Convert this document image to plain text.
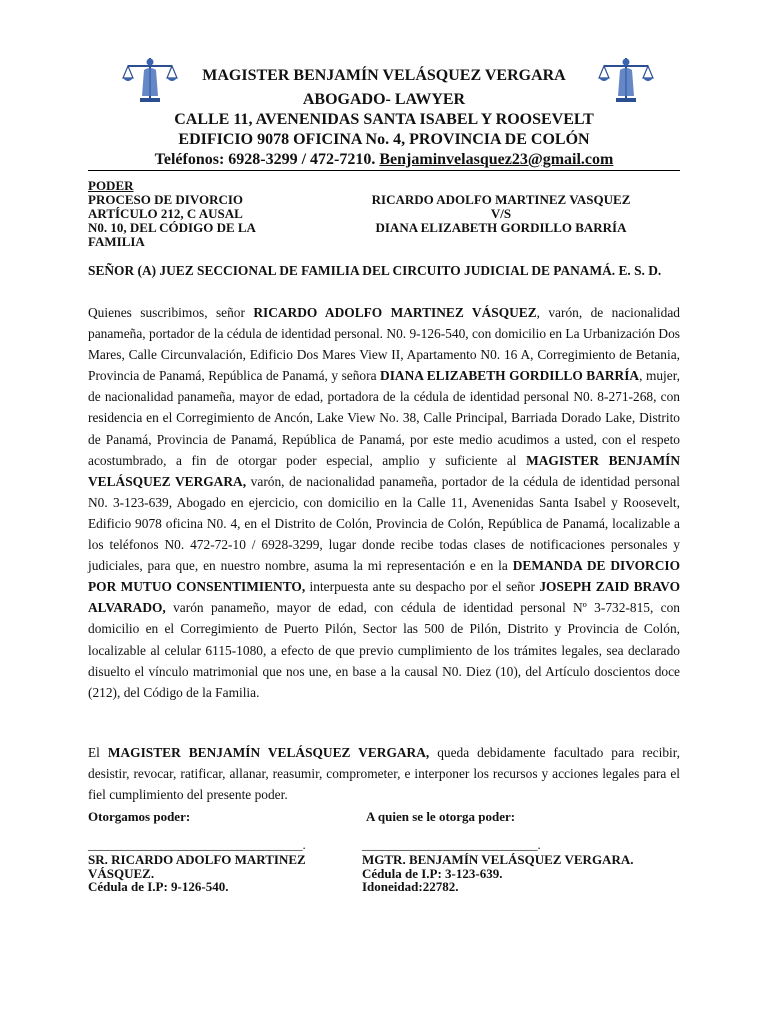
MAGISTER BENJAMÍN VELÁSQUEZ VERGARA
ABOGADO- LAWYER
CALLE 11, AVENENIDAS SANTA ISABEL Y ROOSEVELT
EDIFICIO 9078 OFICINA No. 4, PROVINCIA DE COLÓN
Teléfonos: 6928-3299 / 472-7210. Benjaminvelasquez23@gmail.com
PODER
PROCESO DE DIVORCIO
ARTÍCULO 212, C AUSAL
N0. 10, DEL CÓDIGO DE LA
FAMILIA
RICARDO ADOLFO MARTINEZ VASQUEZ
V/S
DIANA ELIZABETH GORDILLO BARRÍA
SEÑOR (A) JUEZ SECCIONAL DE FAMILIA DEL CIRCUITO JUDICIAL DE PANAMÁ. E. S. D.
Quienes suscribimos, señor RICARDO ADOLFO MARTINEZ VÁSQUEZ, varón, de nacionalidad panameña, portador de la cédula de identidad personal. N0. 9-126-540, con domicilio en La Urbanización Dos Mares, Calle Circunvalación, Edificio Dos Mares View II, Apartamento N0. 16 A, Corregimiento de Betania, Provincia de Panamá, República de Panamá, y señora DIANA ELIZABETH GORDILLO BARRÍA, mujer, de nacionalidad panameña, mayor de edad, portadora de la cédula de identidad personal N0. 8-271-268, con residencia en el Corregimiento de Ancón, Lake View No. 38, Calle Principal, Barriada Dorado Lake, Distrito de Panamá, Provincia de Panamá, República de Panamá, por este medio acudimos a usted, con el respeto acostumbrado, a fin de otorgar poder especial, amplio y suficiente al MAGISTER BENJAMÍN VELÁSQUEZ VERGARA, varón, de nacionalidad panameña, portador de la cédula de identidad personal N0. 3-123-639, Abogado en ejercicio, con domicilio en la Calle 11, Avenenidas Santa Isabel y Roosevelt, Edificio 9078 oficina N0. 4, en el Distrito de Colón, Provincia de Colón, República de Panamá, localizable a los teléfonos N0. 472-72-10 / 6928-3299, lugar donde recibe todas clases de notificaciones personales y judiciales, para que, en nuestro nombre, asuma la mi representación e en la DEMANDA DE DIVORCIO POR MUTUO CONSENTIMIENTO, interpuesta ante su despacho por el señor JOSEPH ZAID BRAVO ALVARADO, varón panameño, mayor de edad, con cédula de identidad personal Nº 3-732-815, con domicilio en el Corregimiento de Puerto Pilón, Sector las 500 de Pilón, Distrito y Provincia de Colón, localizable al celular 6115-1080, a efecto de que previo cumplimiento de los trámites legales, sea declarado disuelto el vínculo matrimonial que nos une, en base a la causal N0. Diez (10), del Artículo doscientos doce (212), del Código de la Familia.
El MAGISTER BENJAMÍN VELÁSQUEZ VERGARA, queda debidamente facultado para recibir, desistir, revocar, ratificar, allanar, reasumir, comprometer, e interponer los recursos y acciones legales para el fiel cumplimiento del presente poder.
Otorgamos poder:
_________________________________.
SR. RICARDO ADOLFO MARTINEZ VÁSQUEZ.
Cédula de I.P: 9-126-540.
A quien se le otorga poder:
___________________________.
MGTR. BENJAMÍN VELÁSQUEZ VERGARA.
Cédula de I.P: 3-123-639.
Idoneidad:22782.
